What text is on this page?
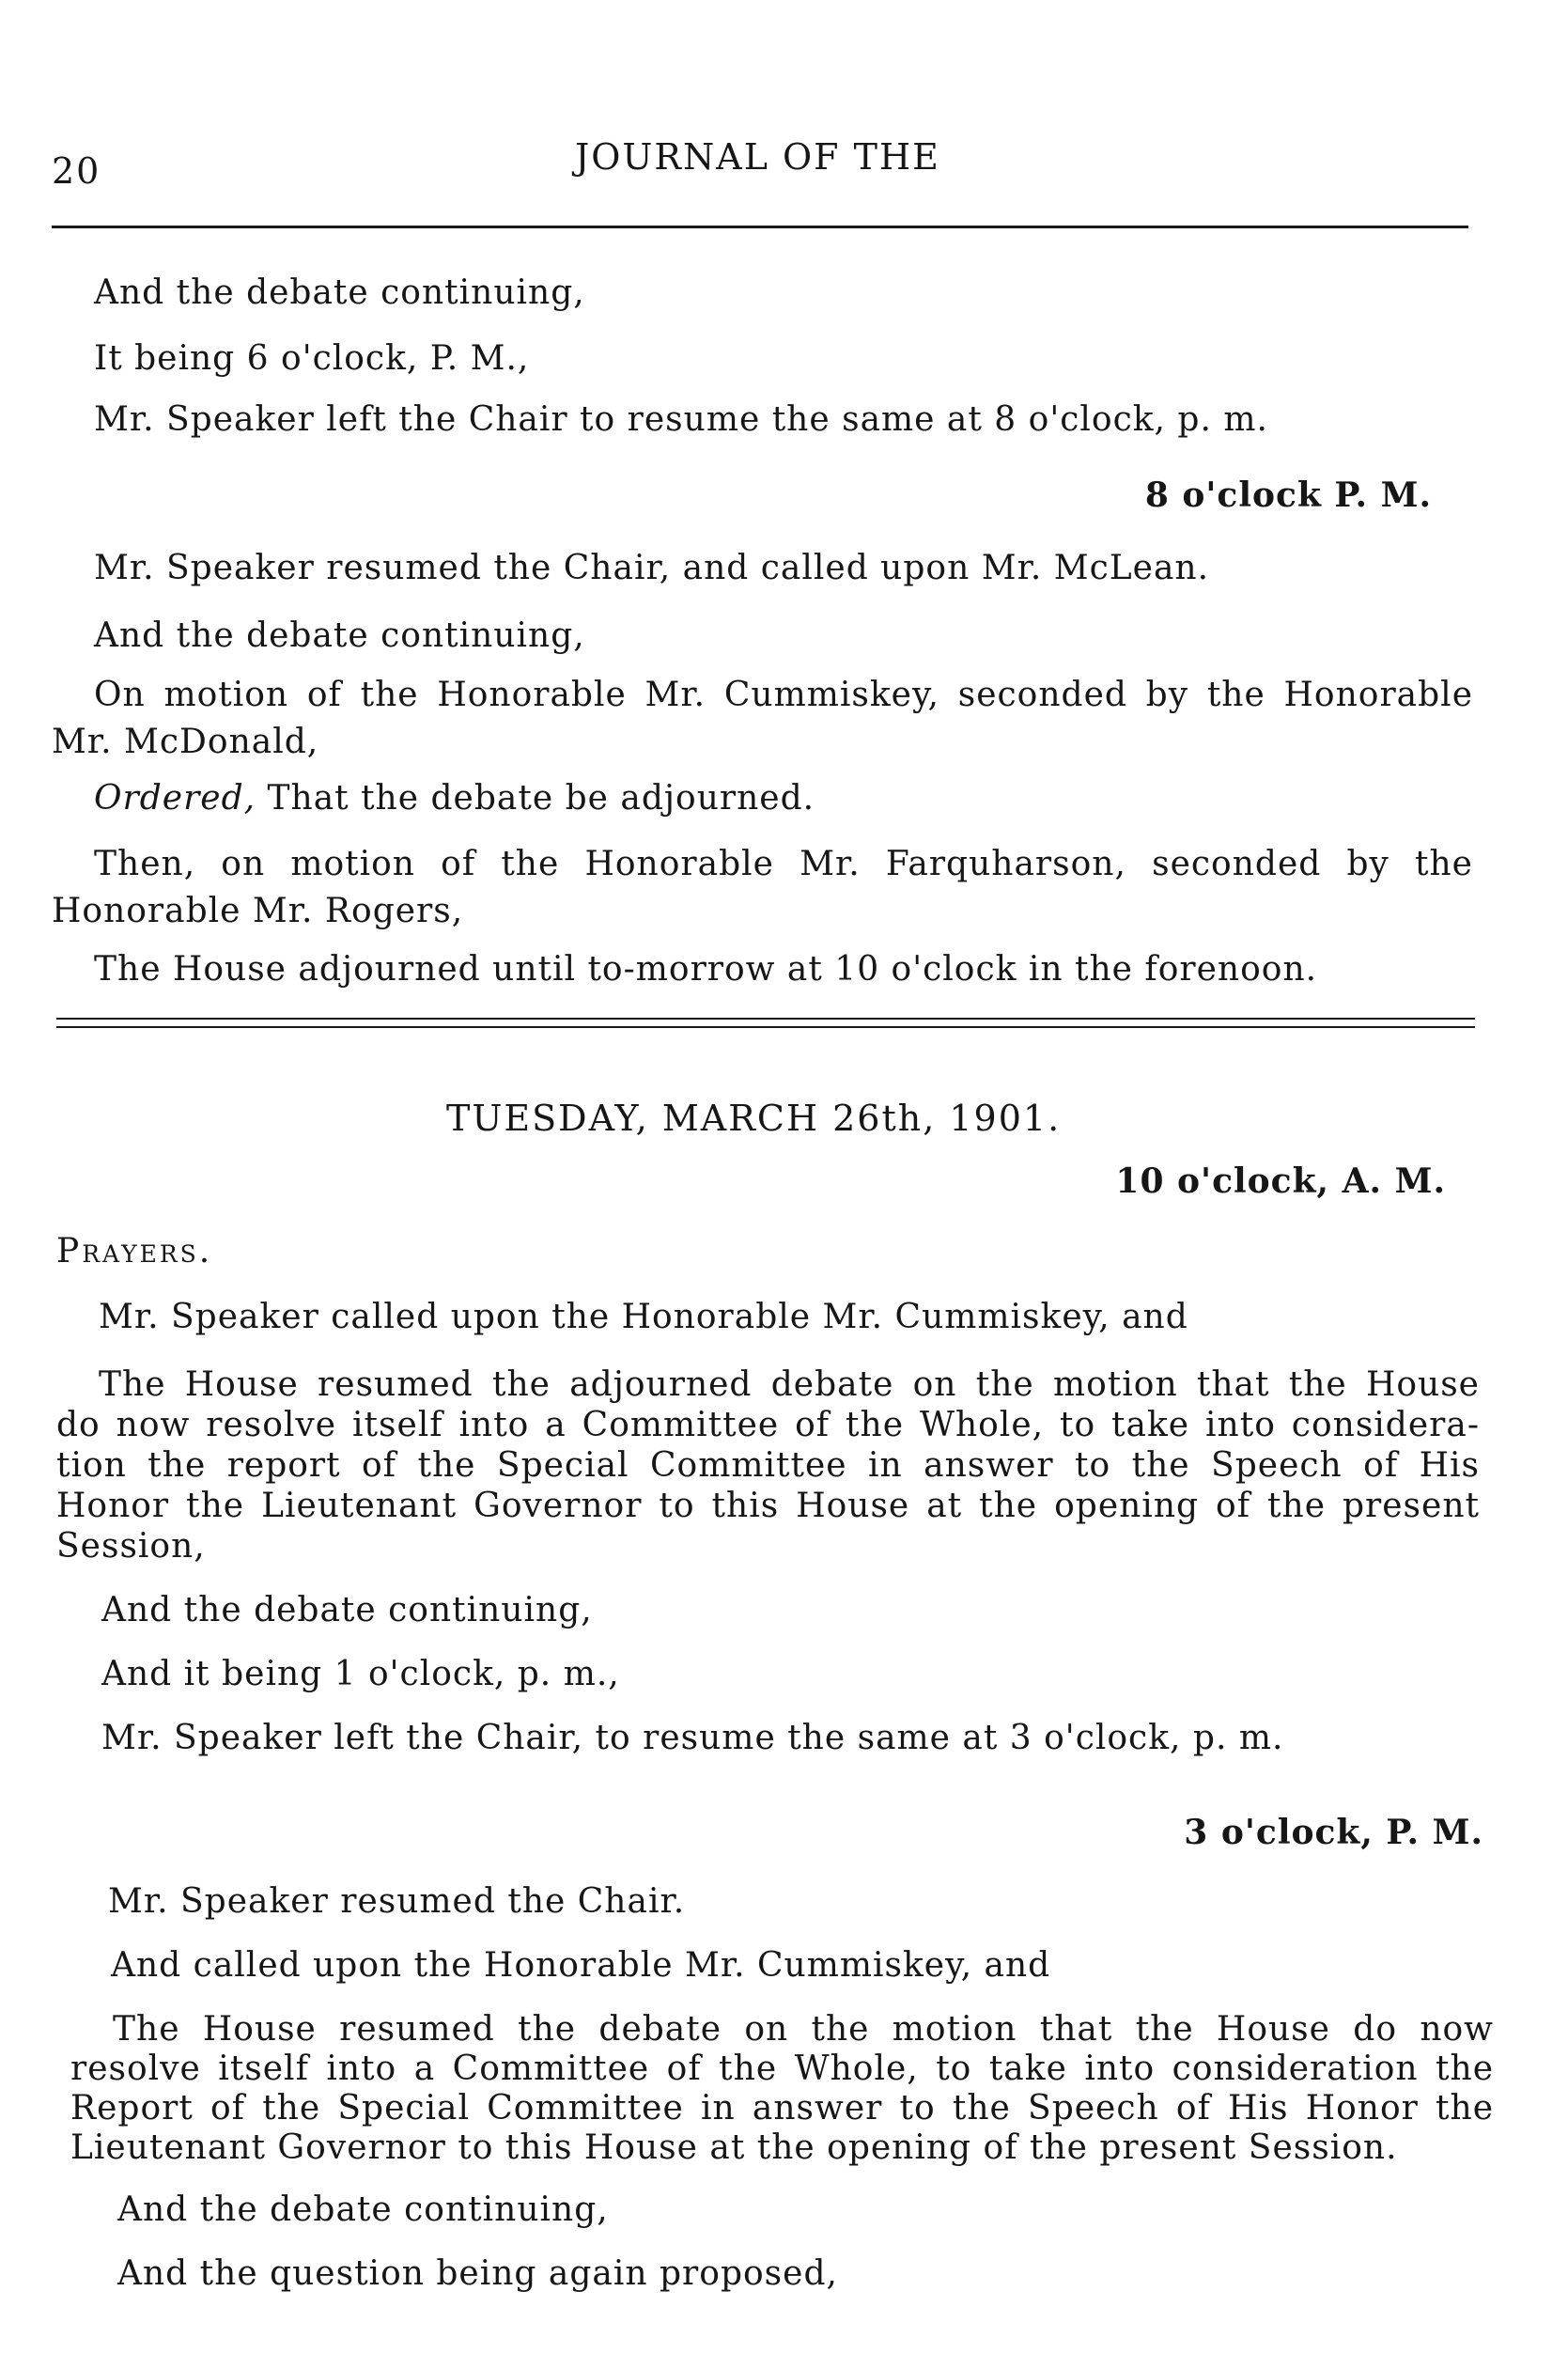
20	JOURNAL OF THE
And the debate continuing,
It being 6 o'clock, P. M.,
Mr. Speaker left the Chair to resume the same at 8 o'clock, p. m.
8 o'clock P. M.
Mr. Speaker resumed the Chair, and called upon Mr. McLean.
And the debate continuing,
On motion of the Honorable Mr. Cummiskey, seconded by the Honorable
Mr. McDonald,
Ordered, That the debate be adjourned.
Then, on motion of the Honorable Mr. Farquharson, seconded by the
Honorable Mr. Rogers,
The House adjourned until to-morrow at 10 o'clock in the forenoon.
TUESDAY, MARCH 26th, 1901.
10 o'clock, A. M.
Prayers.
Mr. Speaker called upon the Honorable Mr. Cummiskey, and
The House resumed the adjourned debate on the motion that the House
do now resolve itself into a Committee of the Whole, to take into considera-
tion the report of the Special Committee in answer to the Speech of His
Honor the Lieutenant Governor to this House at the opening of the present
Session,
And the debate continuing,
And it being 1 o'clock, p. m.,
Mr. Speaker left the Chair, to resume the same at 3 o'clock, p. m.
3 o'clock, P. M.
Mr. Speaker resumed the Chair.
And called upon the Honorable Mr. Cummiskey, and
The House resumed the debate on the motion that the House do now
resolve itself into a Committee of the Whole, to take into consideration the
Report of the Special Committee in answer to the Speech of His Honor the
Lieutenant Governor to this House at the opening of the present Session.
And the debate continuing,
And the question being again proposed,
